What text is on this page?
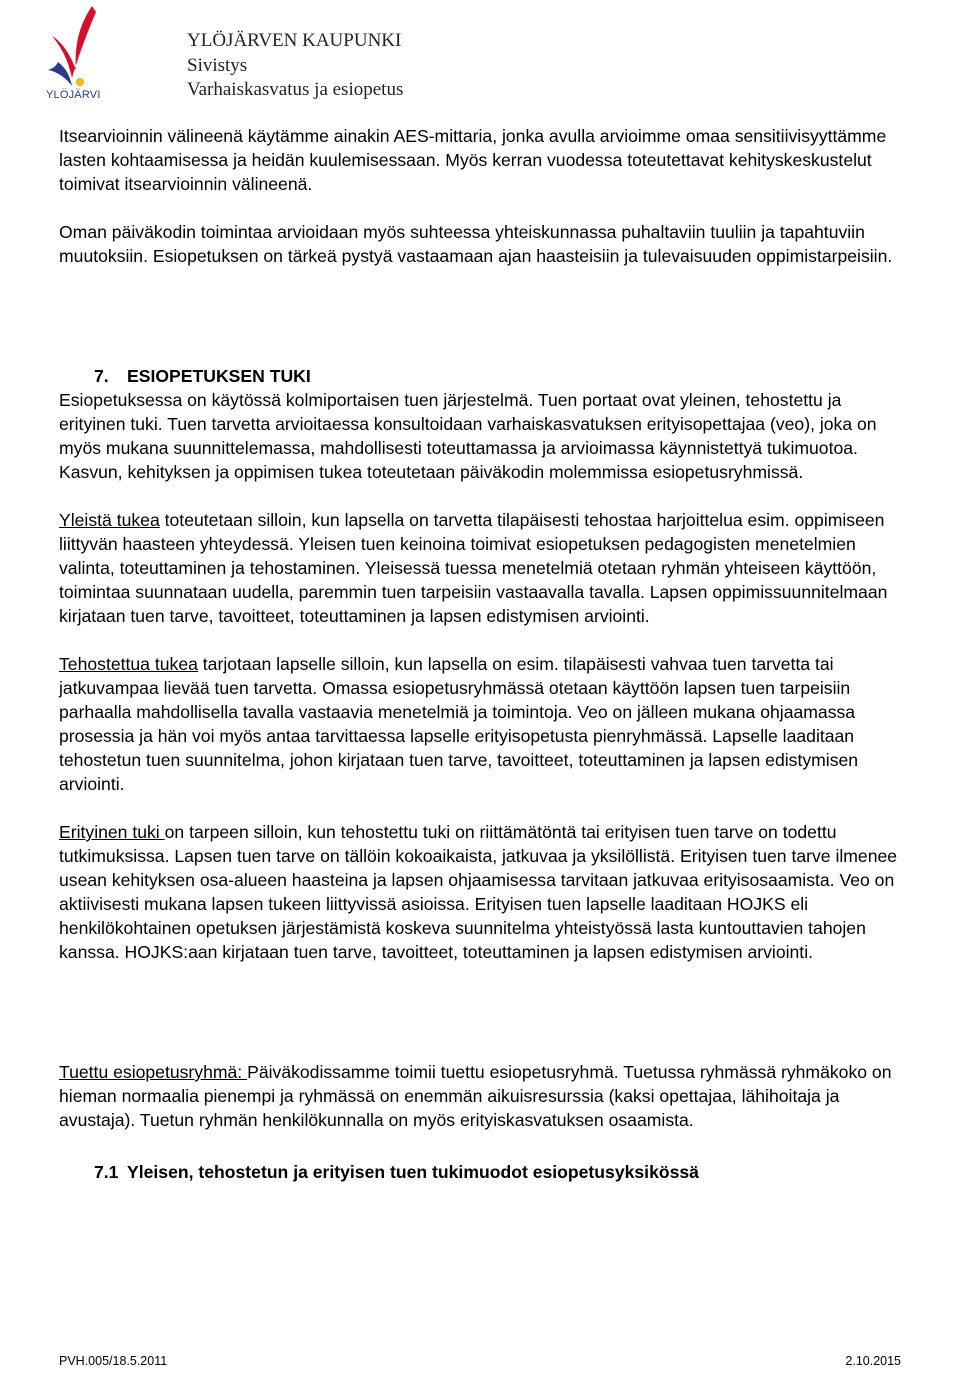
YLÖJÄRVI
YLÖJÄRVEN KAUPUNKI
Sivistys
Varhaiskasvatus ja esiopetus

Itsearvioinnin välineenä käytämme ainakin AES-mittaria, jonka avulla arvioimme omaa sensitiivisyyttämme lasten kohtaamisessa ja heidän kuulemisessaan. Myös kerran vuodessa toteutettavat kehityskeskustelut toimivat itsearvioinnin välineenä.

Oman päiväkodin toimintaa arvioidaan myös suhteessa yhteiskunnassa puhaltaviin tuuliin ja tapahtuviin muutoksiin. Esiopetuksen on tärkeä pystyä vastaamaan ajan haasteisiin ja tulevaisuuden oppimistarpeisiin.

Esiopetuksessa on käytössä kolmiportaisen tuen järjestelmä. Tuen portaat ovat yleinen, tehostettu ja erityinen tuki. Tuen tarvetta arvioitaessa konsultoidaan varhaiskasvatuksen erityisopettajaa (veo), joka on myös mukana suunnittelemassa, mahdollisesti toteuttamassa ja arvioimassa käynnistettyä tukimuotoa. Kasvun, kehityksen ja oppimisen tukea toteutetaan päiväkodin molemmissa esiopetusryhmissä.

Yleistä tukea toteutetaan silloin, kun lapsella on tarvetta tilapäisesti tehostaa harjoittelua esim. oppimiseen liittyvän haasteen yhteydessä. Yleisen tuen keinoina toimivat esiopetuksen pedagogisten menetelmien valinta, toteuttaminen ja tehostaminen. Yleisessä tuessa menetelmiä otetaan ryhmän yhteiseen käyttöön, toimintaa suunnataan uudella, paremmin tuen tarpeisiin vastaavalla tavalla. Lapsen oppimissuunnitelmaan kirjataan tuen tarve, tavoitteet, toteuttaminen ja lapsen edistymisen arviointi.

Tehostettua tukea tarjotaan lapselle silloin, kun lapsella on esim. tilapäisesti vahvaa tuen tarvetta tai jatkuvampaa lievää tuen tarvetta. Omassa esiopetusryhmässä otetaan käyttöön lapsen tuen tarpeisiin parhaalla mahdollisella tavalla vastaavia menetelmiä ja toimintoja. Veo on jälleen mukana ohjaamassa prosessia ja hän voi myös antaa tarvittaessa lapselle erityisopetusta pienryhmässä. Lapselle laaditaan tehostetun tuen suunnitelma, johon kirjataan tuen tarve, tavoitteet, toteuttaminen ja lapsen edistymisen arviointi.

Erityinen tuki on tarpeen silloin, kun tehostettu tuki on riittämätöntä tai erityisen tuen tarve on todettu tutkimuksissa. Lapsen tuen tarve on tällöin kokoaikaista, jatkuvaa ja yksilöllistä. Erityisen tuen tarve ilmenee usean kehityksen osa-alueen haasteina ja lapsen ohjaamisessa tarvitaan jatkuvaa erityisosaamista. Veo on aktiivisesti mukana lapsen tukeen liittyvissä asioissa. Erityisen tuen lapselle laaditaan HOJKS eli henkilökohtainen opetuksen järjestämistä koskeva suunnitelma yhteistyössä lasta kuntouttavien tahojen kanssa. HOJKS:aan kirjataan tuen tarve, tavoitteet, toteuttaminen ja lapsen edistymisen arviointi.

Tuettu esiopetusryhmä: Päiväkodissamme toimii tuettu esiopetusryhmä. Tuetussa ryhmässä ryhmäkoko on hieman normaalia pienempi ja ryhmässä on enemmän aikuisresurssia (kaksi opettajaa, lähihoitaja ja avustaja). Tuetun ryhmän henkilökunnalla on myös erityiskasvatuksen osaamista.

7. ESIOPETUKSEN TUKI
7.1 Yleisen, tehostetun ja erityisen tuen tukimuodot esiopetusyksikössä
PVH.005/18.5.2011	2.10.2015
